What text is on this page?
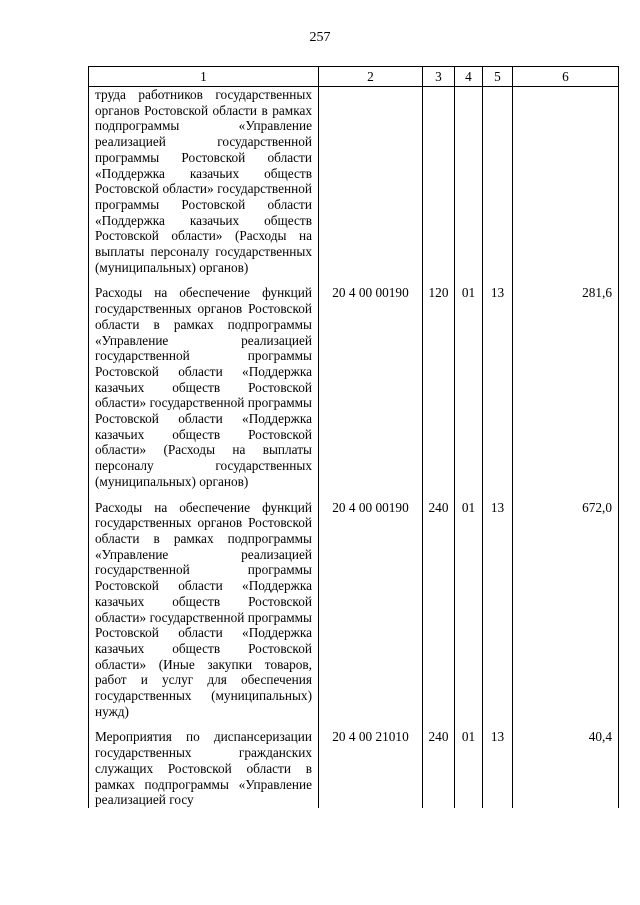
257
1	2	3	4	5	6
труда работников государственных органов Ростовской области в рамках подпрограммы «Управление реализацией государственной программы Ростовской области «Поддержка казачьих обществ Ростовской области» государственной программы Ростовской области «Поддержка казачьих обществ Ростовской области» (Расходы на выплаты персоналу государственных (муниципальных) органов)					
Расходы на обеспечение функций государственных органов Ростовской области в рамках подпрограммы «Управление реализацией государственной программы Ростовской области «Поддержка казачьих обществ Ростовской области» государственной программы Ростовской области «Поддержка казачьих обществ Ростовской области» (Расходы на выплаты персоналу государственных (муниципальных) органов)	20 4 00 00190	120	01	13	281,6
Расходы на обеспечение функций государственных органов Ростовской области в рамках подпрограммы «Управление реализацией государственной программы Ростовской области «Поддержка казачьих обществ Ростовской области» государственной программы Ростовской области «Поддержка казачьих обществ Ростовской области» (Иные закупки товаров, работ и услуг для обеспечения государственных (муниципальных) нужд)	20 4 00 00190	240	01	13	672,0
Мероприятия по диспансеризации государственных гражданских служащих Ростовской области в рамках подпрограммы «Управление реализацией госу	20 4 00 21010	240	01	13	40,4
